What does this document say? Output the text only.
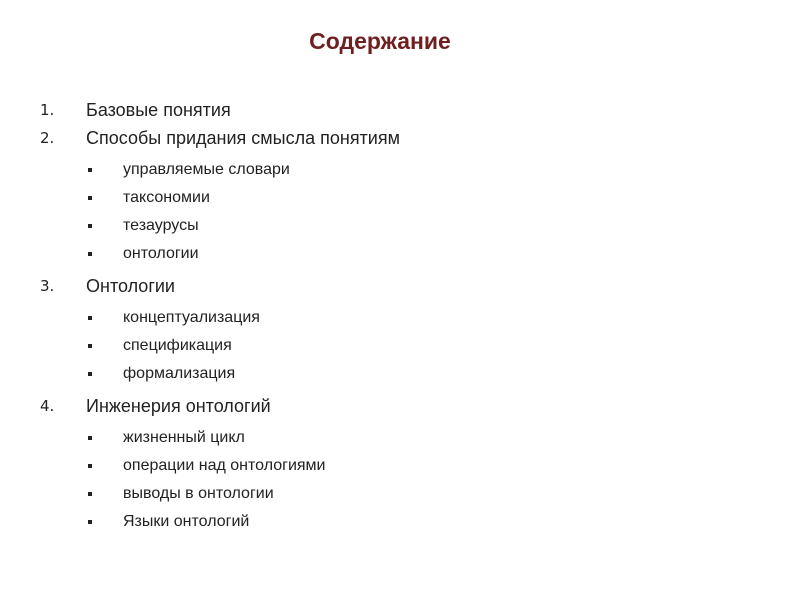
Содержание
1. Базовые понятия
2. Способы придания смысла понятиям
управляемые словари
таксономии
тезаурусы
онтологии
3. Онтологии
концептуализация
спецификация
формализация
4. Инженерия онтологий
жизненный цикл
операции над онтологиями
выводы в онтологии
Языки онтологий
